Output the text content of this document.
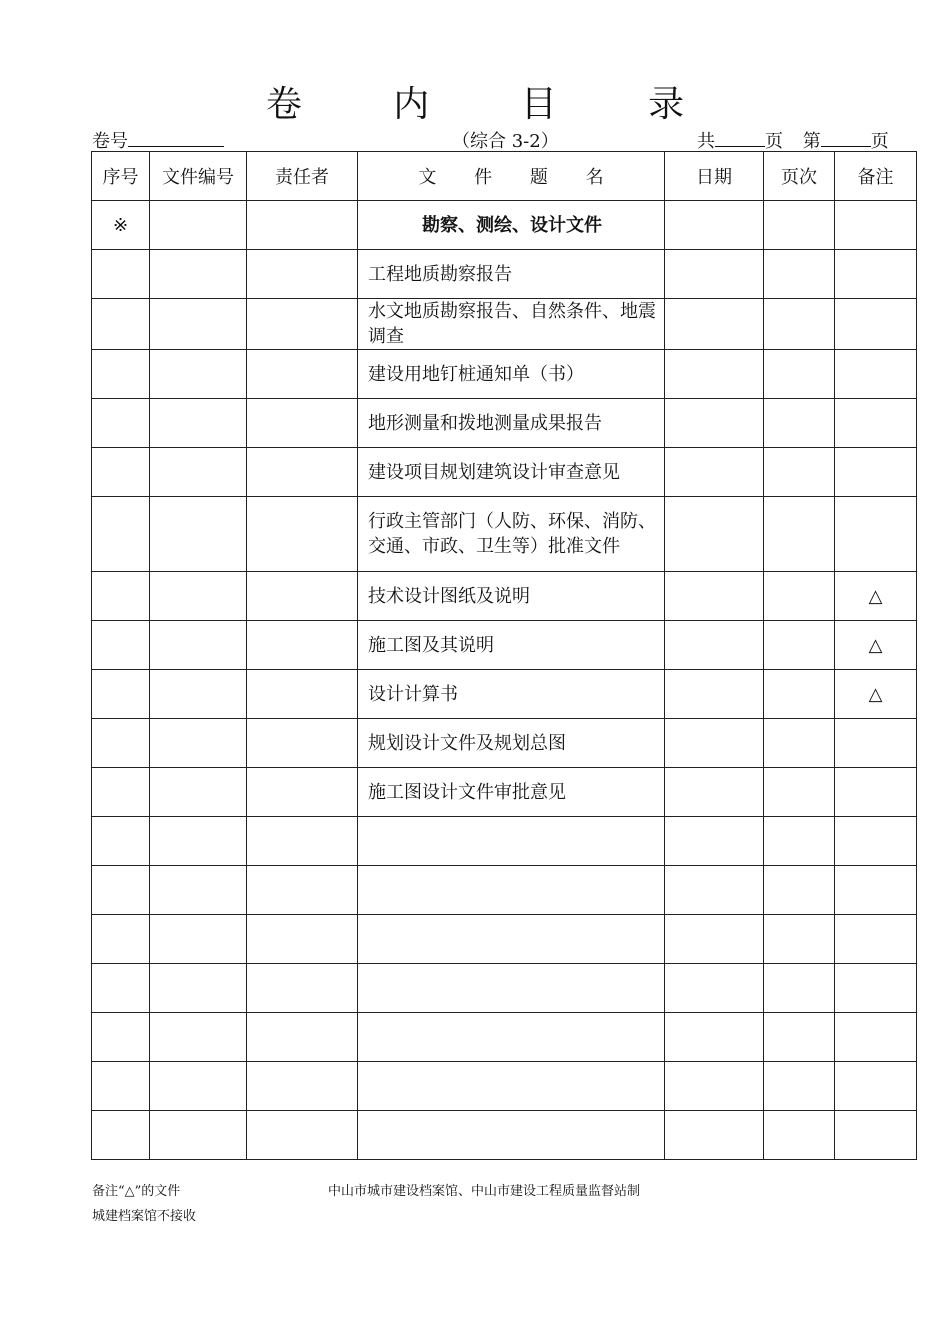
卷 内 目 录
卷号	（综合 3-2）	共	页 第	页
序号	文件编号	责任者	文 件 题 名	日期	页次	备注
※			勘察、测绘、设计文件			
			工程地质勘察报告			
			水文地质勘察报告、自然条件、地震调查			
			建设用地钉桩通知单（书）			
			地形测量和拨地测量成果报告			
			建设项目规划建筑设计审查意见			
			行政主管部门（人防、环保、消防、交通、市政、卫生等）批准文件			
			技术设计图纸及说明			△
			施工图及其说明			△
			设计计算书			△
			规划设计文件及规划总图			
			施工图设计文件审批意见			

备注“△”的文件
城建档案馆不接收
中山市城市建设档案馆、中山市建设工程质量监督站制
